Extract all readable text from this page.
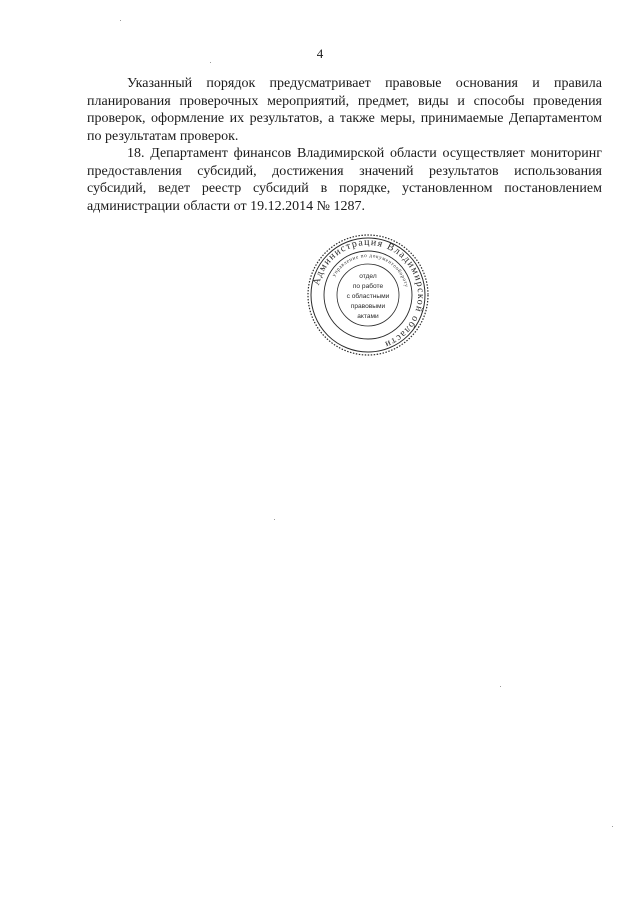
4

Указанный порядок предусматривает правовые основания и правила планирования проверочных мероприятий, предмет, виды и способы проведения проверок, оформление их результатов, а также меры, принимаемые Департаментом по результатам проверок.

18. Департамент финансов Владимирской области осуществляет мониторинг предоставления субсидий, достижения значений результатов использования субсидий, ведет реестр субсидий в порядке, установленном постановлением администрации области от 19.12.2014 № 1287.

Администрация Владимирской области
управление по документообороту
отдел
по работе
с областными
правовыми
актами
